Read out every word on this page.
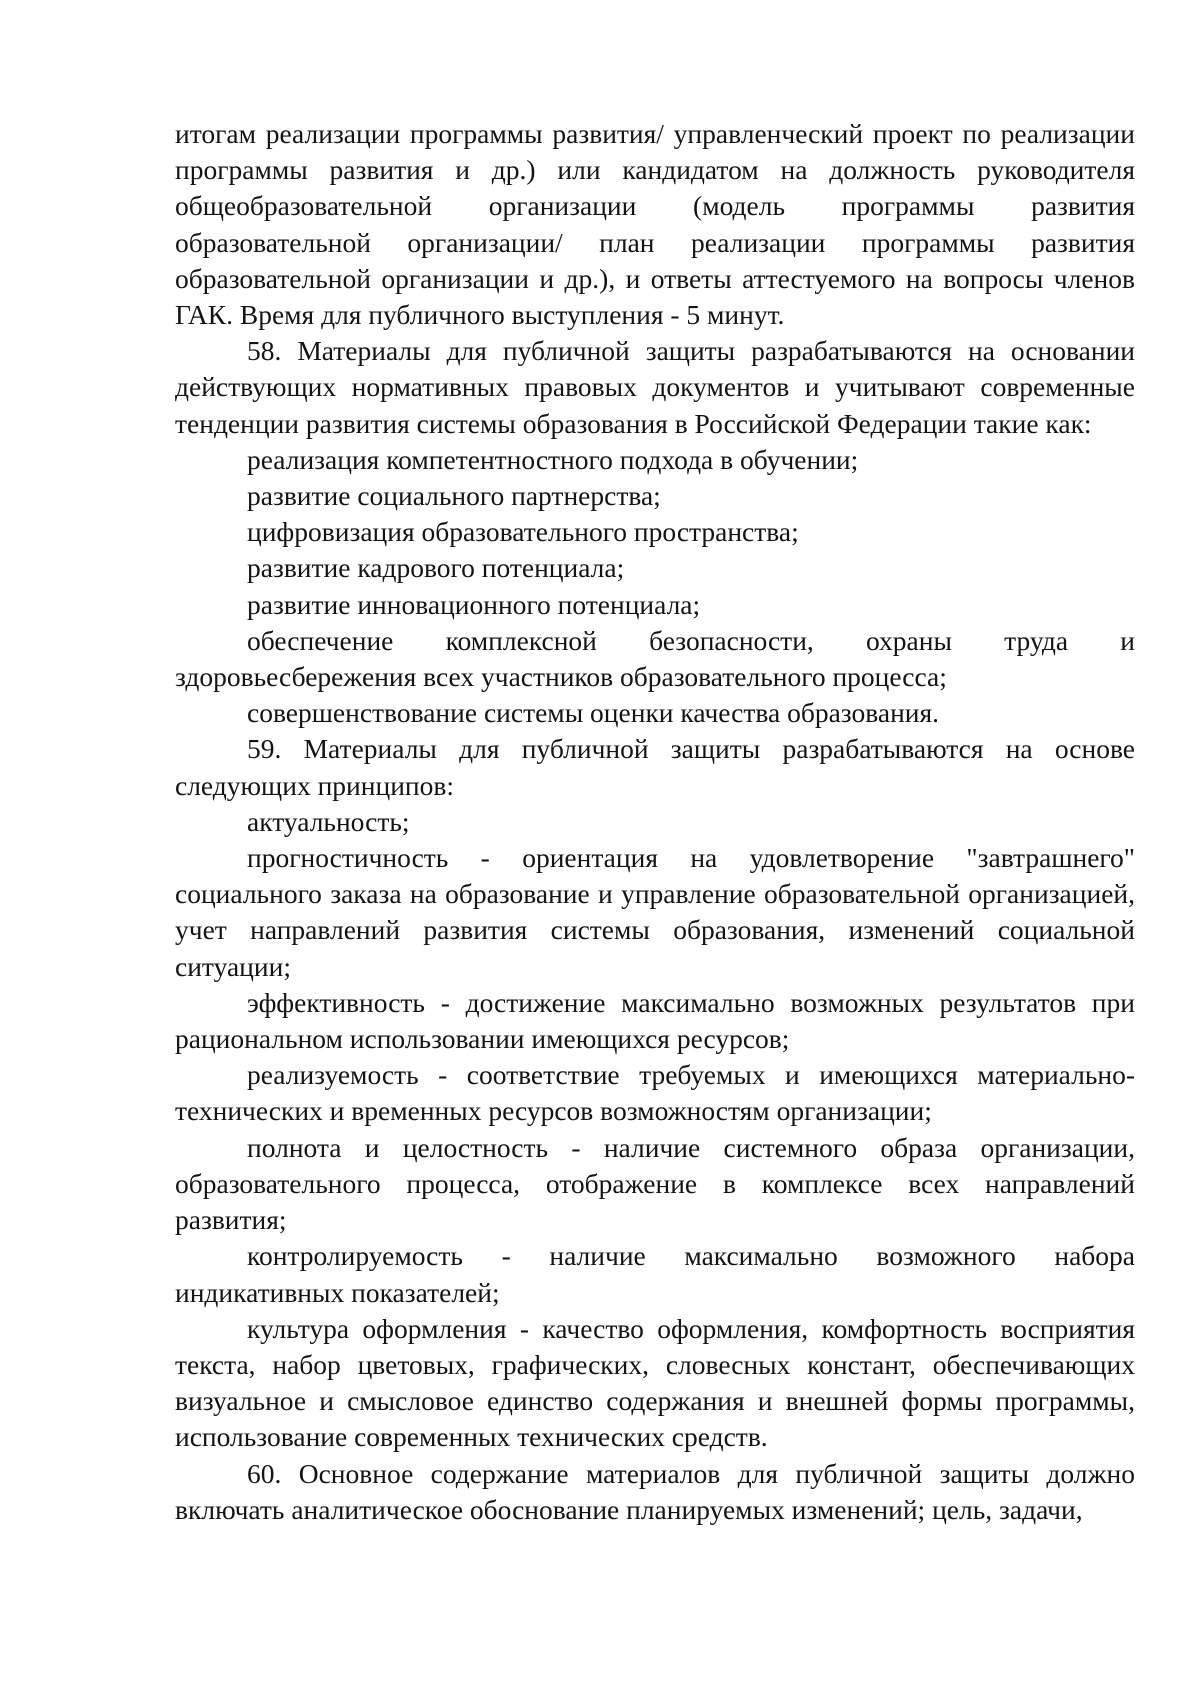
итогам реализации программы развития/ управленческий проект по реализации программы развития и др.) или кандидатом на должность руководителя общеобразовательной организации (модель программы развития образовательной организации/ план реализации программы развития образовательной организации и др.), и ответы аттестуемого на вопросы членов ГАК. Время для публичного выступления - 5 минут.

58. Материалы для публичной защиты разрабатываются на основании действующих нормативных правовых документов и учитывают современные тенденции развития системы образования в Российской Федерации такие как:

реализация компетентностного подхода в обучении;

развитие социального партнерства;

цифровизация образовательного пространства;

развитие кадрового потенциала;

развитие инновационного потенциала;

обеспечение комплексной безопасности, охраны труда и здоровьесбережения всех участников образовательного процесса;

совершенствование системы оценки качества образования.

59. Материалы для публичной защиты разрабатываются на основе следующих принципов:

актуальность;

прогностичность - ориентация на удовлетворение "завтрашнего" социального заказа на образование и управление образовательной организацией, учет направлений развития системы образования, изменений социальной ситуации;

эффективность - достижение максимально возможных результатов при рациональном использовании имеющихся ресурсов;

реализуемость - соответствие требуемых и имеющихся материально-технических и временных ресурсов возможностям организации;

полнота и целостность - наличие системного образа организации, образовательного процесса, отображение в комплексе всех направлений развития;

контролируемость - наличие максимально возможного набора индикативных показателей;

культура оформления - качество оформления, комфортность восприятия текста, набор цветовых, графических, словесных констант, обеспечивающих визуальное и смысловое единство содержания и внешней формы программы, использование современных технических средств.

60. Основное содержание материалов для публичной защиты должно включать аналитическое обоснование планируемых изменений; цель, задачи,
